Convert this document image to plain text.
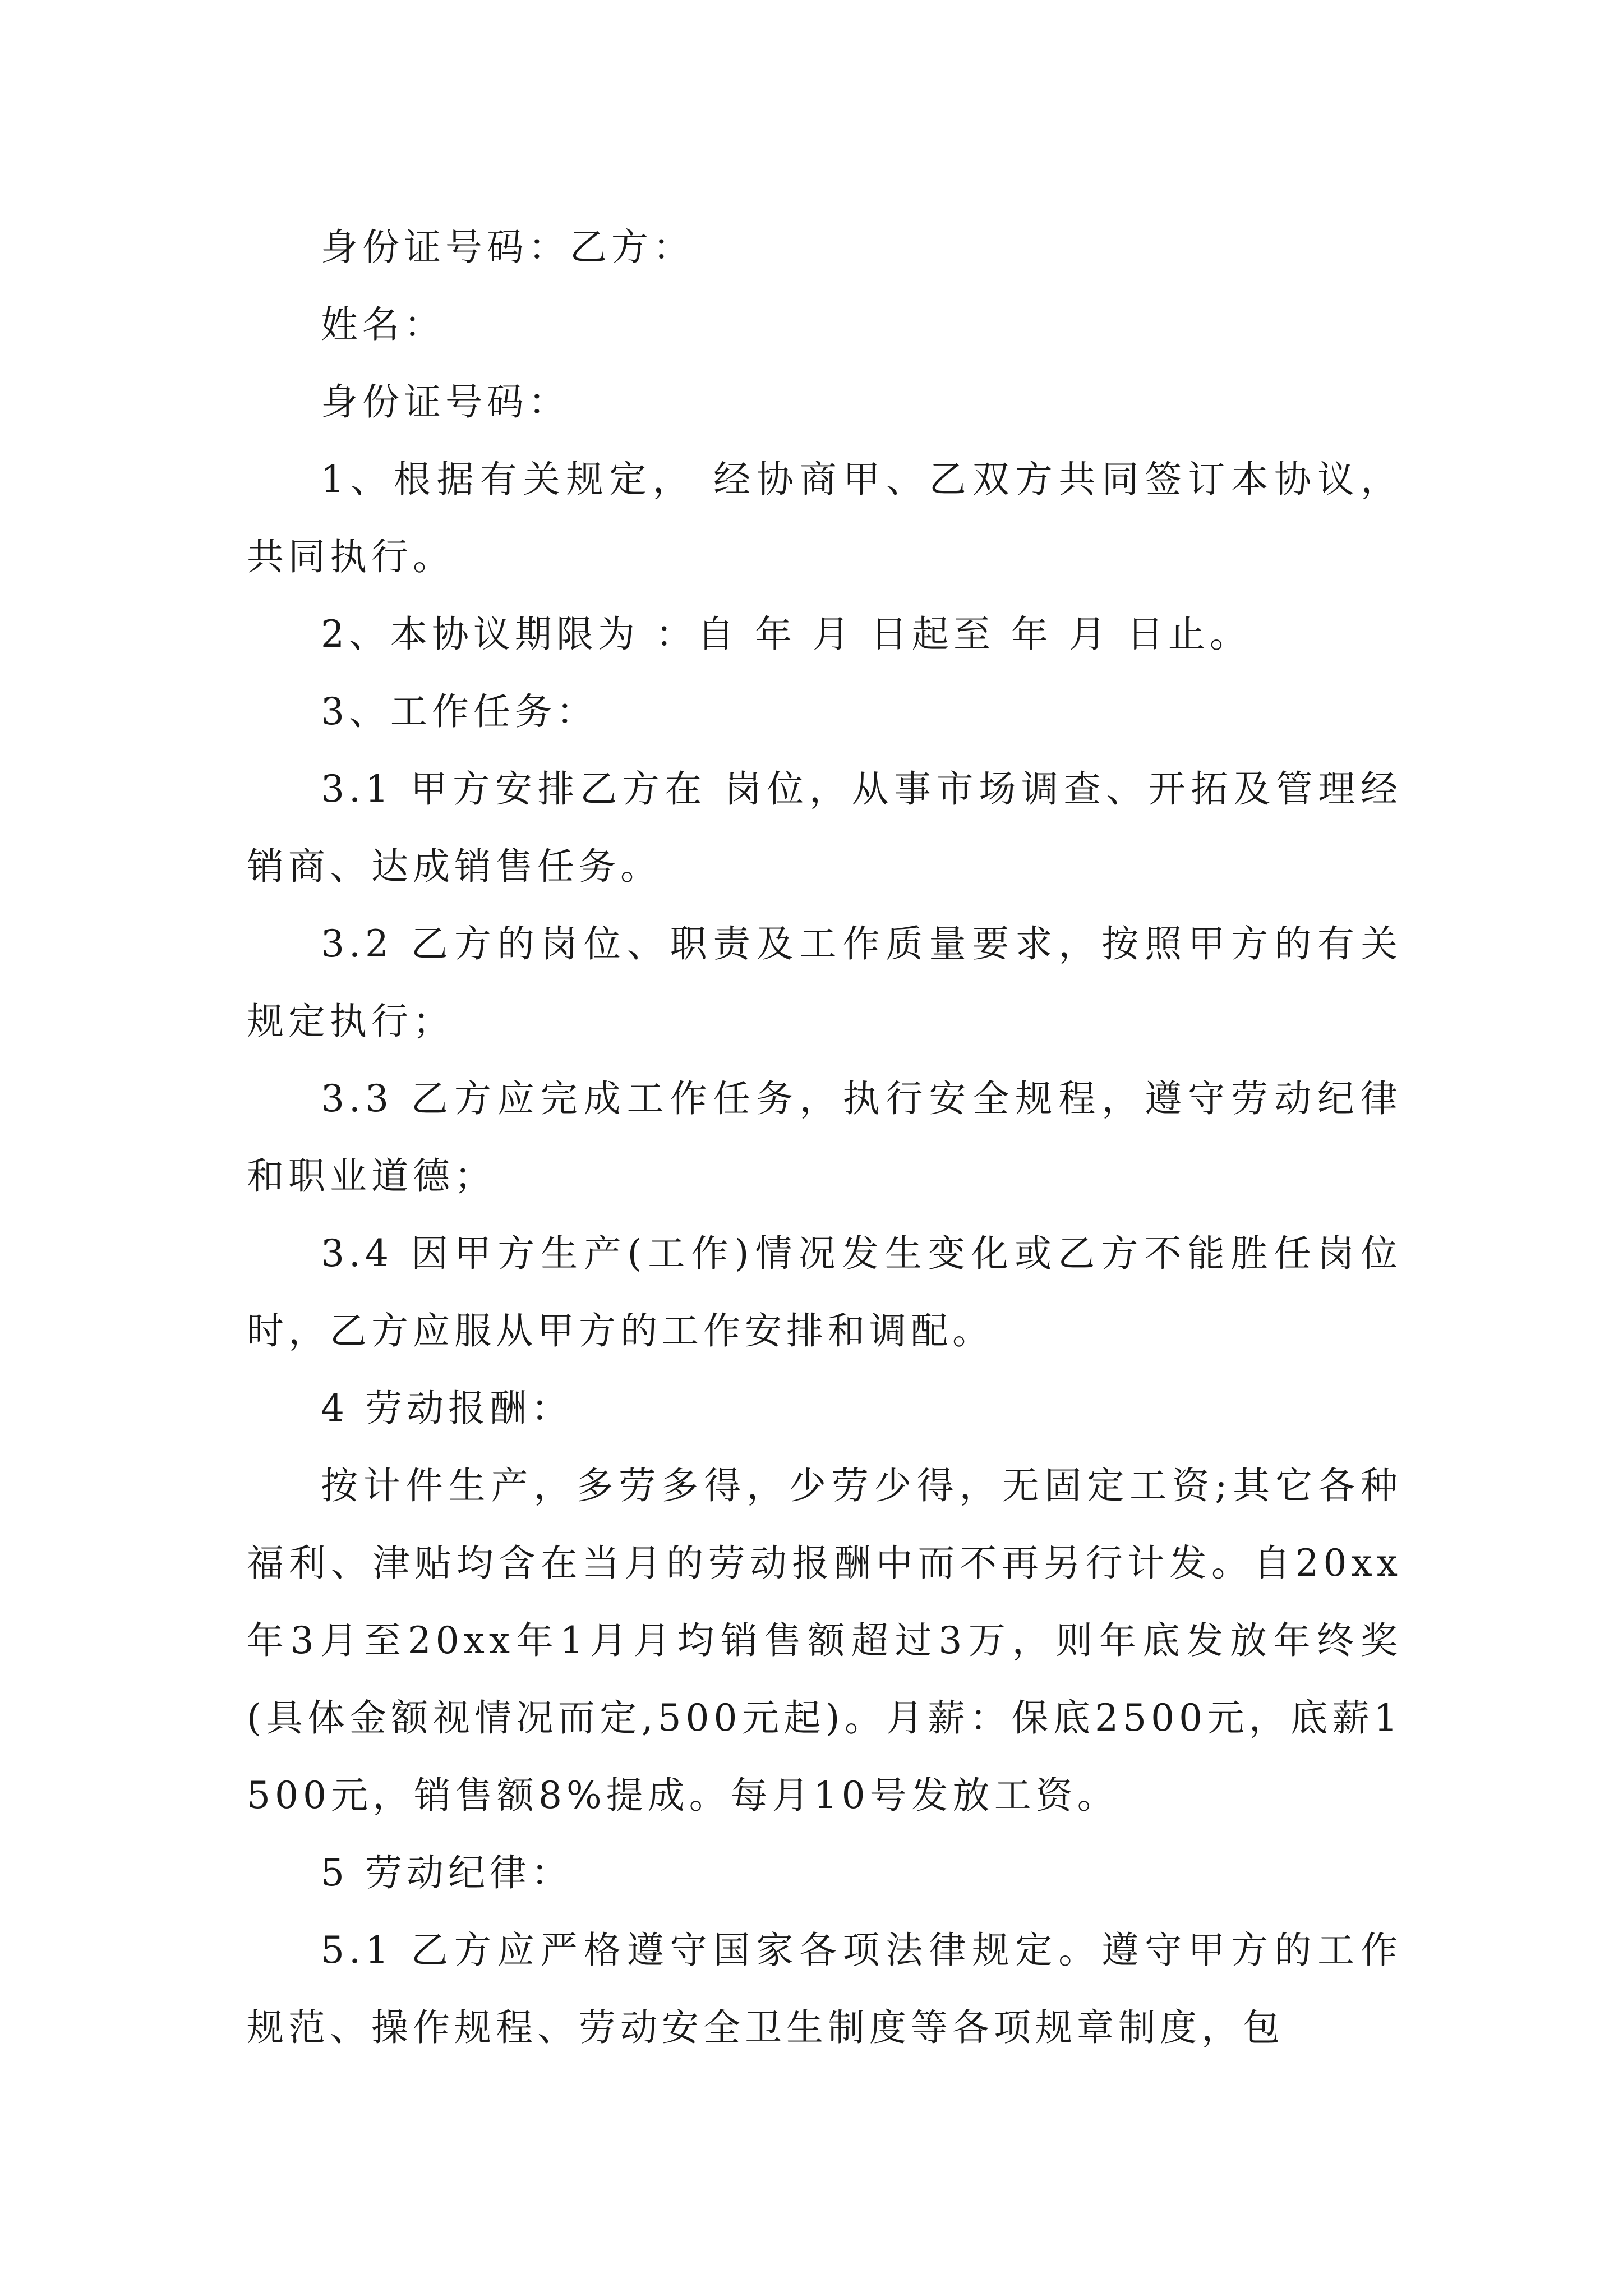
身份证号码：乙方：

姓名：

身份证号码：

1、根据有关规定， 经协商甲、乙双方共同签订本协议，共同执行。

2、本协议期限为 ：自 年 月 日起至 年 月 日止。

3、工作任务：

3.1 甲方安排乙方在 岗位，从事市场调查、开拓及管理经销商、达成销售任务。

3.2 乙方的岗位、职责及工作质量要求，按照甲方的有关规定执行；

3.3 乙方应完成工作任务，执行安全规程，遵守劳动纪律和职业道德；

3.4 因甲方生产(工作)情况发生变化或乙方不能胜任岗位时，乙方应服从甲方的工作安排和调配。

4 劳动报酬：

按计件生产，多劳多得，少劳少得，无固定工资;其它各种福利、津贴均含在当月的劳动报酬中而不再另行计发。自20xx年3月至20xx年1月月均销售额超过3万，则年底发放年终奖(具体金额视情况而定,500元起)。月薪：保底2500元，底薪1500元，销售额8%提成。每月10号发放工资。

5 劳动纪律：

5.1 乙方应严格遵守国家各项法律规定。遵守甲方的工作规范、操作规程、劳动安全卫生制度等各项规章制度，包
